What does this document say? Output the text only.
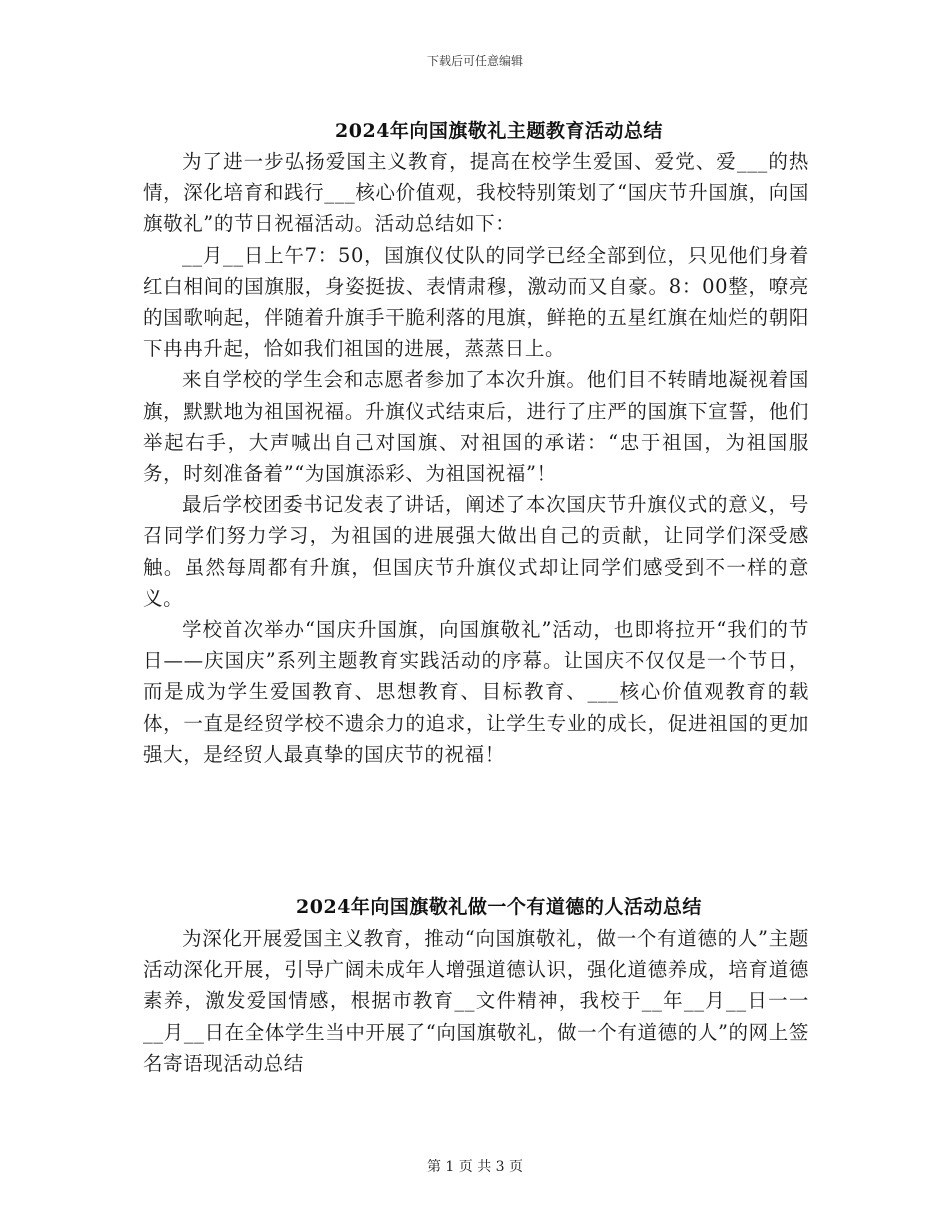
下载后可任意编辑
2024年向国旗敬礼主题教育活动总结

为了进一步弘扬爱国主义教育，提高在校学生爱国、爱党、爱___的热情，深化培育和践行___核心价值观，我校特别策划了“国庆节升国旗，向国旗敬礼”的节日祝福活动。活动总结如下：

__月__日上午7：50，国旗仪仗队的同学已经全部到位，只见他们身着红白相间的国旗服，身姿挺拔、表情肃穆，激动而又自豪。8：00整，嘹亮的国歌响起，伴随着升旗手干脆利落的甩旗，鲜艳的五星红旗在灿烂的朝阳下冉冉升起，恰如我们祖国的进展，蒸蒸日上。

来自学校的学生会和志愿者参加了本次升旗。他们目不转睛地凝视着国旗，默默地为祖国祝福。升旗仪式结束后，进行了庄严的国旗下宣誓，他们举起右手，大声喊出自己对国旗、对祖国的承诺：“忠于祖国，为祖国服务，时刻准备着”“为国旗添彩、为祖国祝福”！

最后学校团委书记发表了讲话，阐述了本次国庆节升旗仪式的意义，号召同学们努力学习，为祖国的进展强大做出自己的贡献，让同学们深受感触。虽然每周都有升旗，但国庆节升旗仪式却让同学们感受到不一样的意义。

学校首次举办“国庆升国旗，向国旗敬礼”活动，也即将拉开“我们的节日——庆国庆”系列主题教育实践活动的序幕。让国庆不仅仅是一个节日，而是成为学生爱国教育、思想教育、目标教育、___核心价值观教育的载体，一直是经贸学校不遗余力的追求，让学生专业的成长，促进祖国的更加强大，是经贸人最真挚的国庆节的祝福！

2024年向国旗敬礼做一个有道德的人活动总结

为深化开展爱国主义教育，推动“向国旗敬礼，做一个有道德的人”主题活动深化开展，引导广阔未成年人增强道德认识，强化道德养成，培育道德素养，激发爱国情感，根据市教育__文件精神，我校于__年__月__日一一__月__日在全体学生当中开展了“向国旗敬礼，做一个有道德的人”的网上签名寄语现活动总结

第 1 页 共 3 页
